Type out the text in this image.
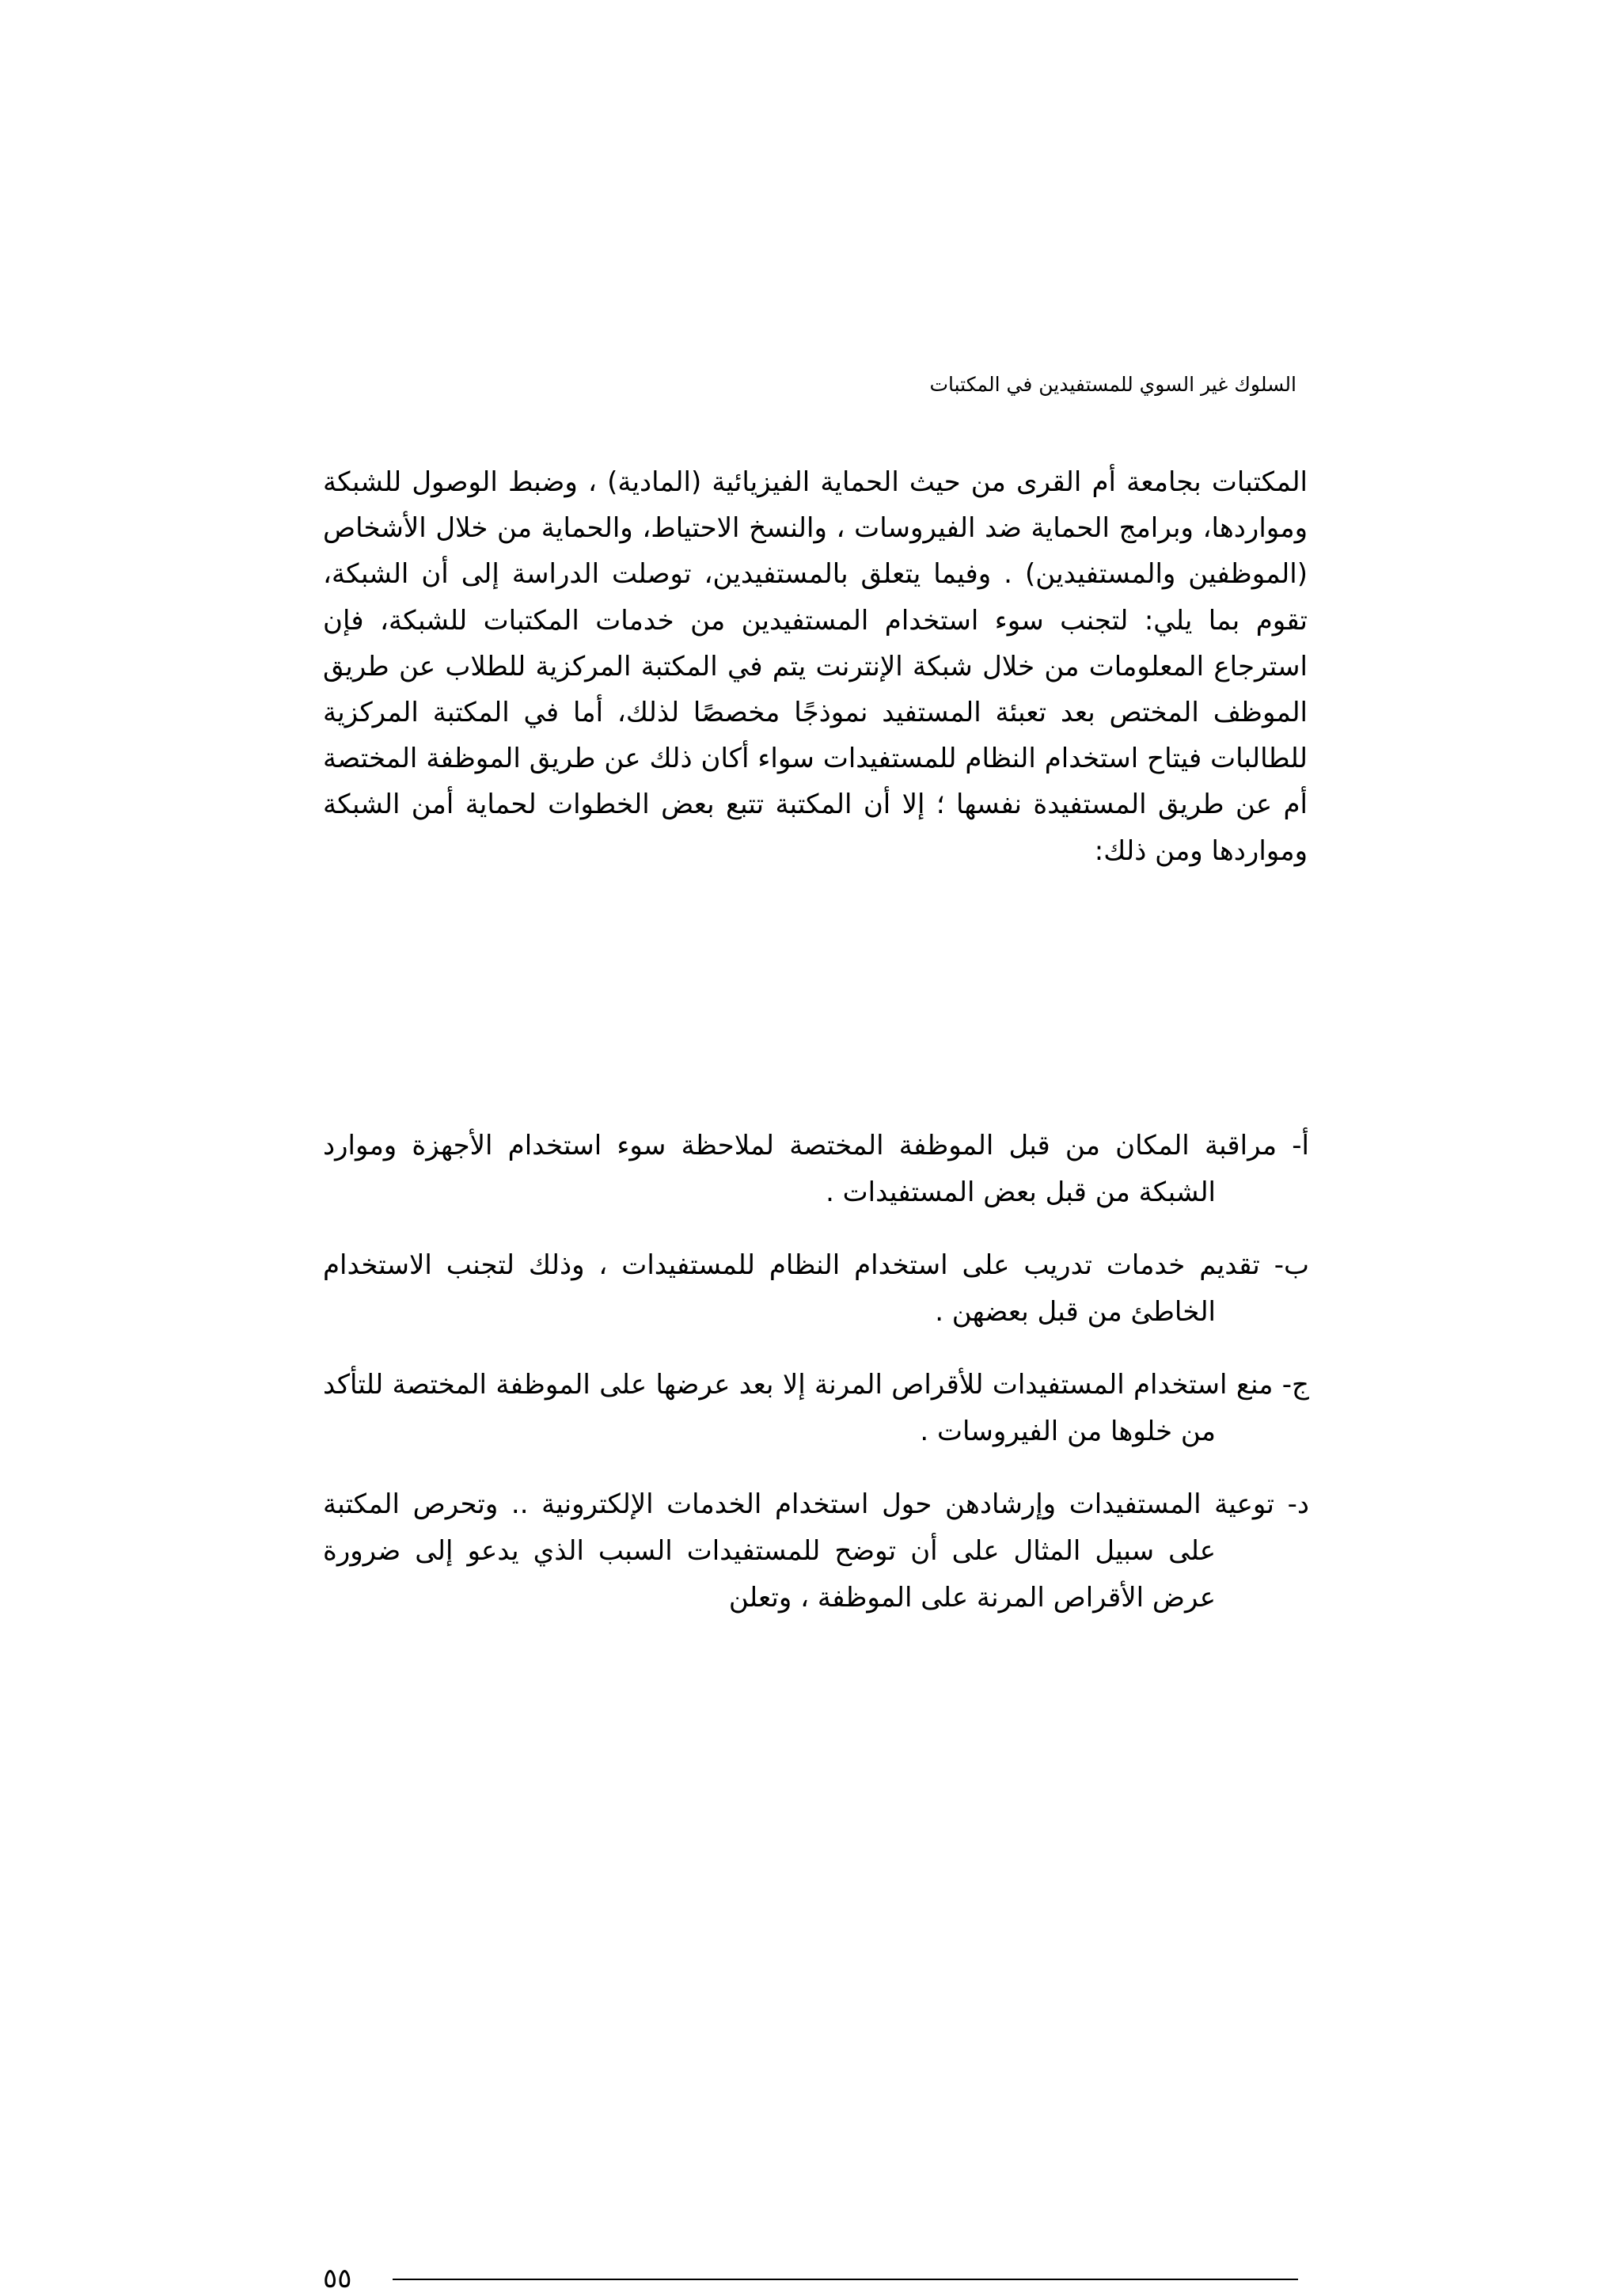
السلوك غير السوي للمستفيدين في المكتبات

المكتبات بجامعة أم القرى من حيث الحماية الفيزيائية (المادية) ، وضبط الوصول للشبكة ومواردها، وبرامج الحماية ضد الفيروسات ، والنسخ الاحتياط، والحماية من خلال الأشخاص (الموظفين والمستفيدين) . وفيما يتعلق بالمستفيدين، توصلت الدراسة إلى أن الشبكة، تقوم بما يلي: لتجنب سوء استخدام المستفيدين من خدمات المكتبات للشبكة، فإن استرجاع المعلومات من خلال شبكة الإنترنت يتم في المكتبة المركزية للطلاب عن طريق الموظف المختص بعد تعبئة المستفيد نموذجًا مخصصًا لذلك، أما في المكتبة المركزية للطالبات فيتاح استخدام النظام للمستفيدات سواء أكان ذلك عن طريق الموظفة المختصة أم عن طريق المستفيدة نفسها ؛ إلا أن المكتبة تتبع بعض الخطوات لحماية أمن الشبكة ومواردها ومن ذلك:

أ- مراقبة المكان من قبل الموظفة المختصة لملاحظة سوء استخدام الأجهزة وموارد الشبكة من قبل بعض المستفيدات .

ب- تقديم خدمات تدريب على استخدام النظام للمستفيدات ، وذلك لتجنب الاستخدام الخاطئ من قبل بعضهن .

ج- منع استخدام المستفيدات للأقراص المرنة إلا بعد عرضها على الموظفة المختصة للتأكد من خلوها من الفيروسات .

د- توعية المستفيدات وإرشادهن حول استخدام الخدمات الإلكترونية .. وتحرص المكتبة على سبيل المثال على أن توضح للمستفيدات السبب الذي يدعو إلى ضرورة عرض الأقراص المرنة على الموظفة ، وتعلن

٥٥
